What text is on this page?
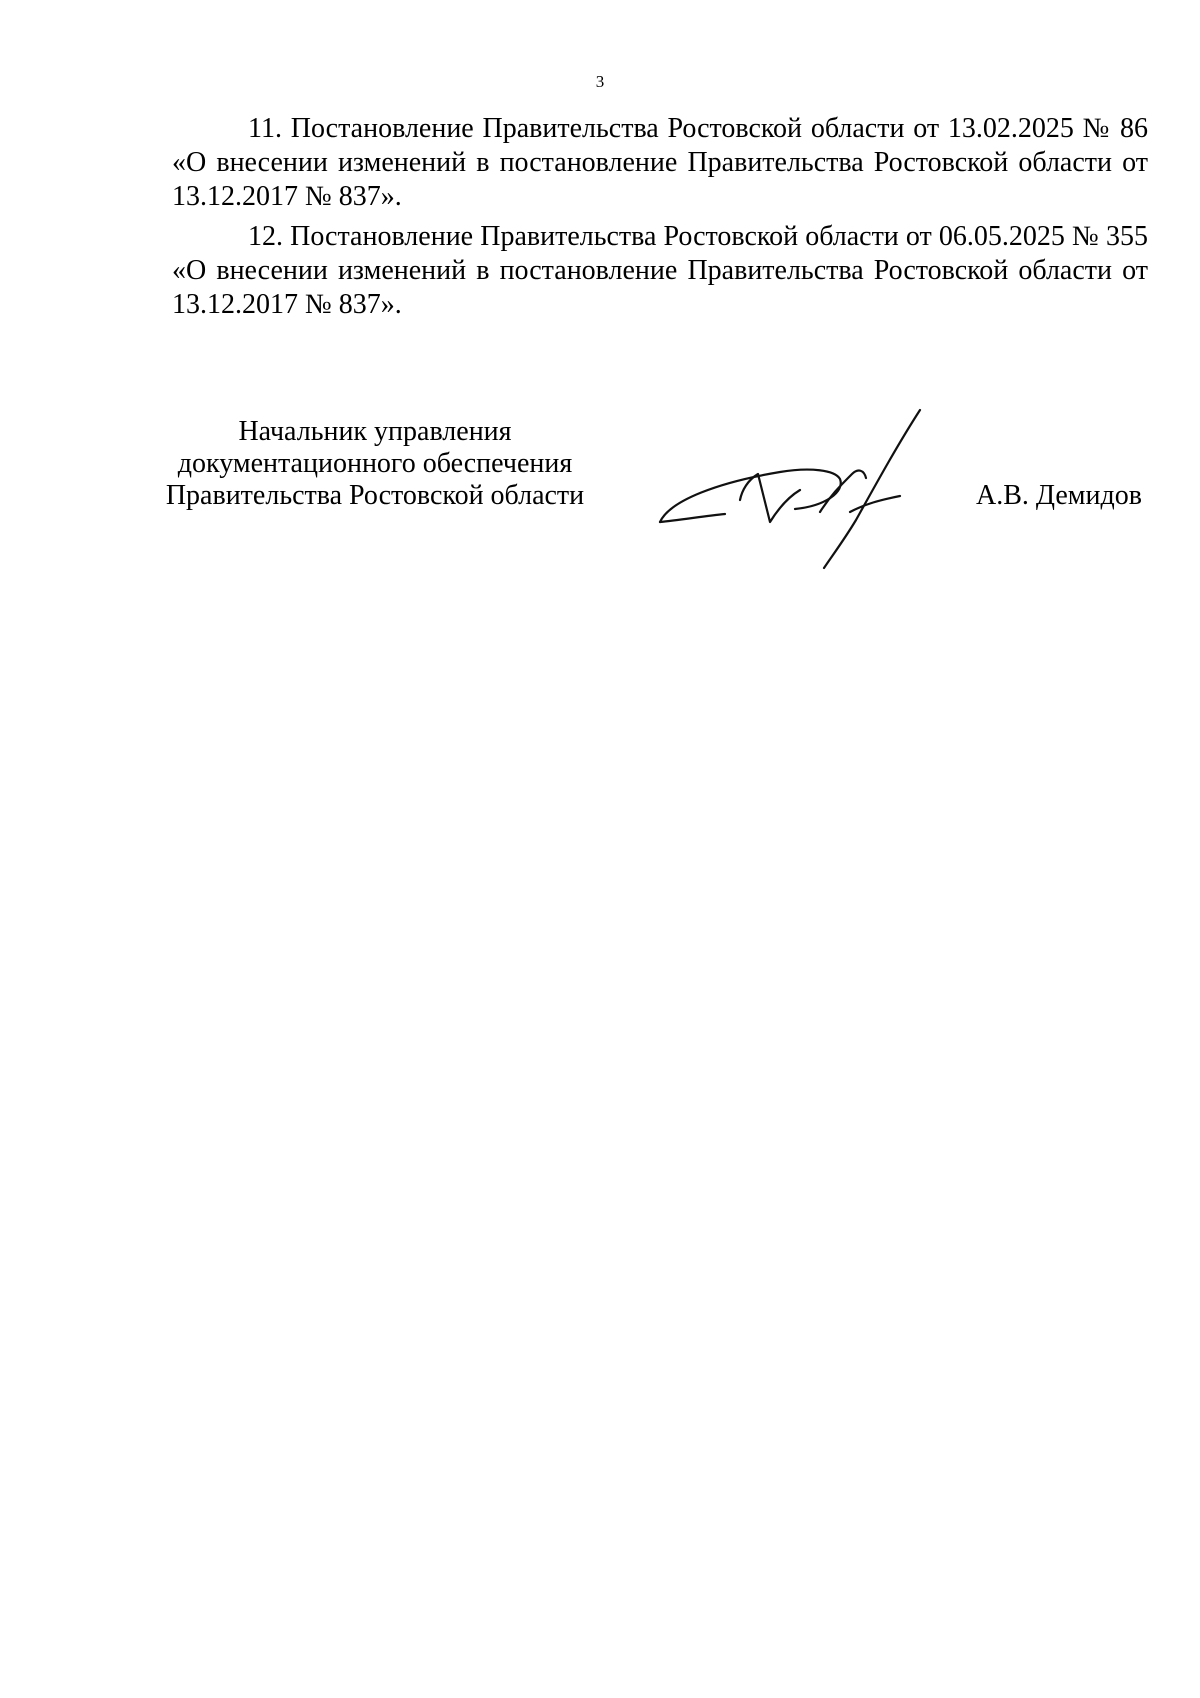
3

11. Постановление Правительства Ростовской области от 13.02.2025 № 86 «О внесении изменений в постановление Правительства Ростовской области от 13.12.2017 № 837».

12. Постановление Правительства Ростовской области от 06.05.2025 № 355 «О внесении изменений в постановление Правительства Ростовской области от 13.12.2017 № 837».

Начальник управления
документационного обеспечения
Правительства Ростовской области	А.В. Демидов
